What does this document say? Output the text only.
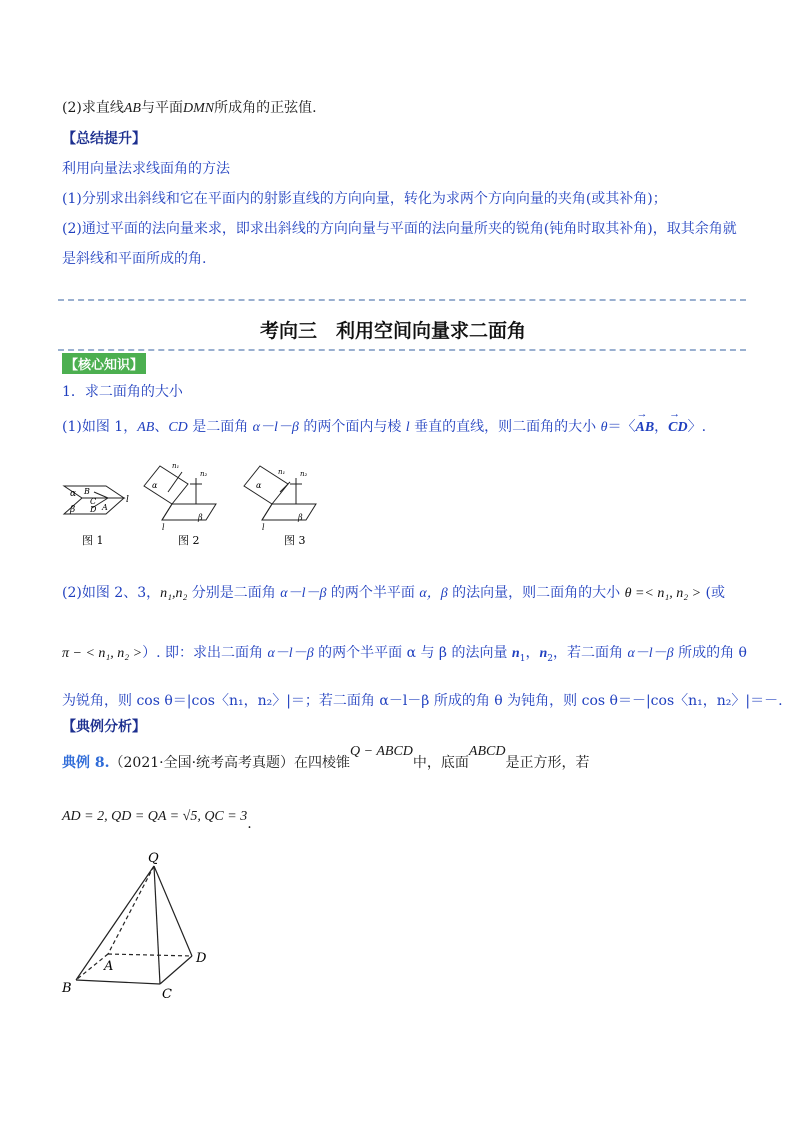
(2)求直线AB与平面DMN所成角的正弦值.
【总结提升】
利用向量法求线面角的方法
(1)分别求出斜线和它在平面内的射影直线的方向向量，转化为求两个方向向量的夹角(或其补角)；
(2)通过平面的法向量来求，即求出斜线的方向向量与平面的法向量所夹的锐角(钝角时取其补角)，取其余角就
是斜线和平面所成的角.
考向三　利用空间向量求二面角
【核心知识】
1．求二面角的大小
(1)如图 1，AB、CD 是二面角 α－l－β 的两个面内与棱 l 垂直的直线，则二面角的大小 θ＝〈→ AB，→ CD〉.
α
β
B
C
D A
l
图 1
n₁
n₂
α
β
l
图 2
n₁ n₂
α
β
l
图 3
(2)如图 2、3，n₁,n₂ 分别是二面角 α－l－β 的两个半平面 α，β 的法向量，则二面角的大小 θ =< n₁, n₂ > (或
π − < n₁, n₂ >）. 即：求出二面角 α－l－β 的两个半平面 α 与 β 的法向量 $n_1$，$n_2$，若二面角 α－l－β 所成的角 θ
为锐角，则 cos θ＝|cos〈n₁，n₂〉|＝；若二面角 α－l－β 所成的角 θ 为钝角，则 cos θ＝－|cos〈n₁，n₂〉|＝－.
【典例分析】
典例 8.（2021·全国·统考高考真题）在四棱锥Q − ABCD中，底面ABCD是正方形，若
AD = 2, QD = QA = √5, QC = 3.
Q
A
B	C
D
